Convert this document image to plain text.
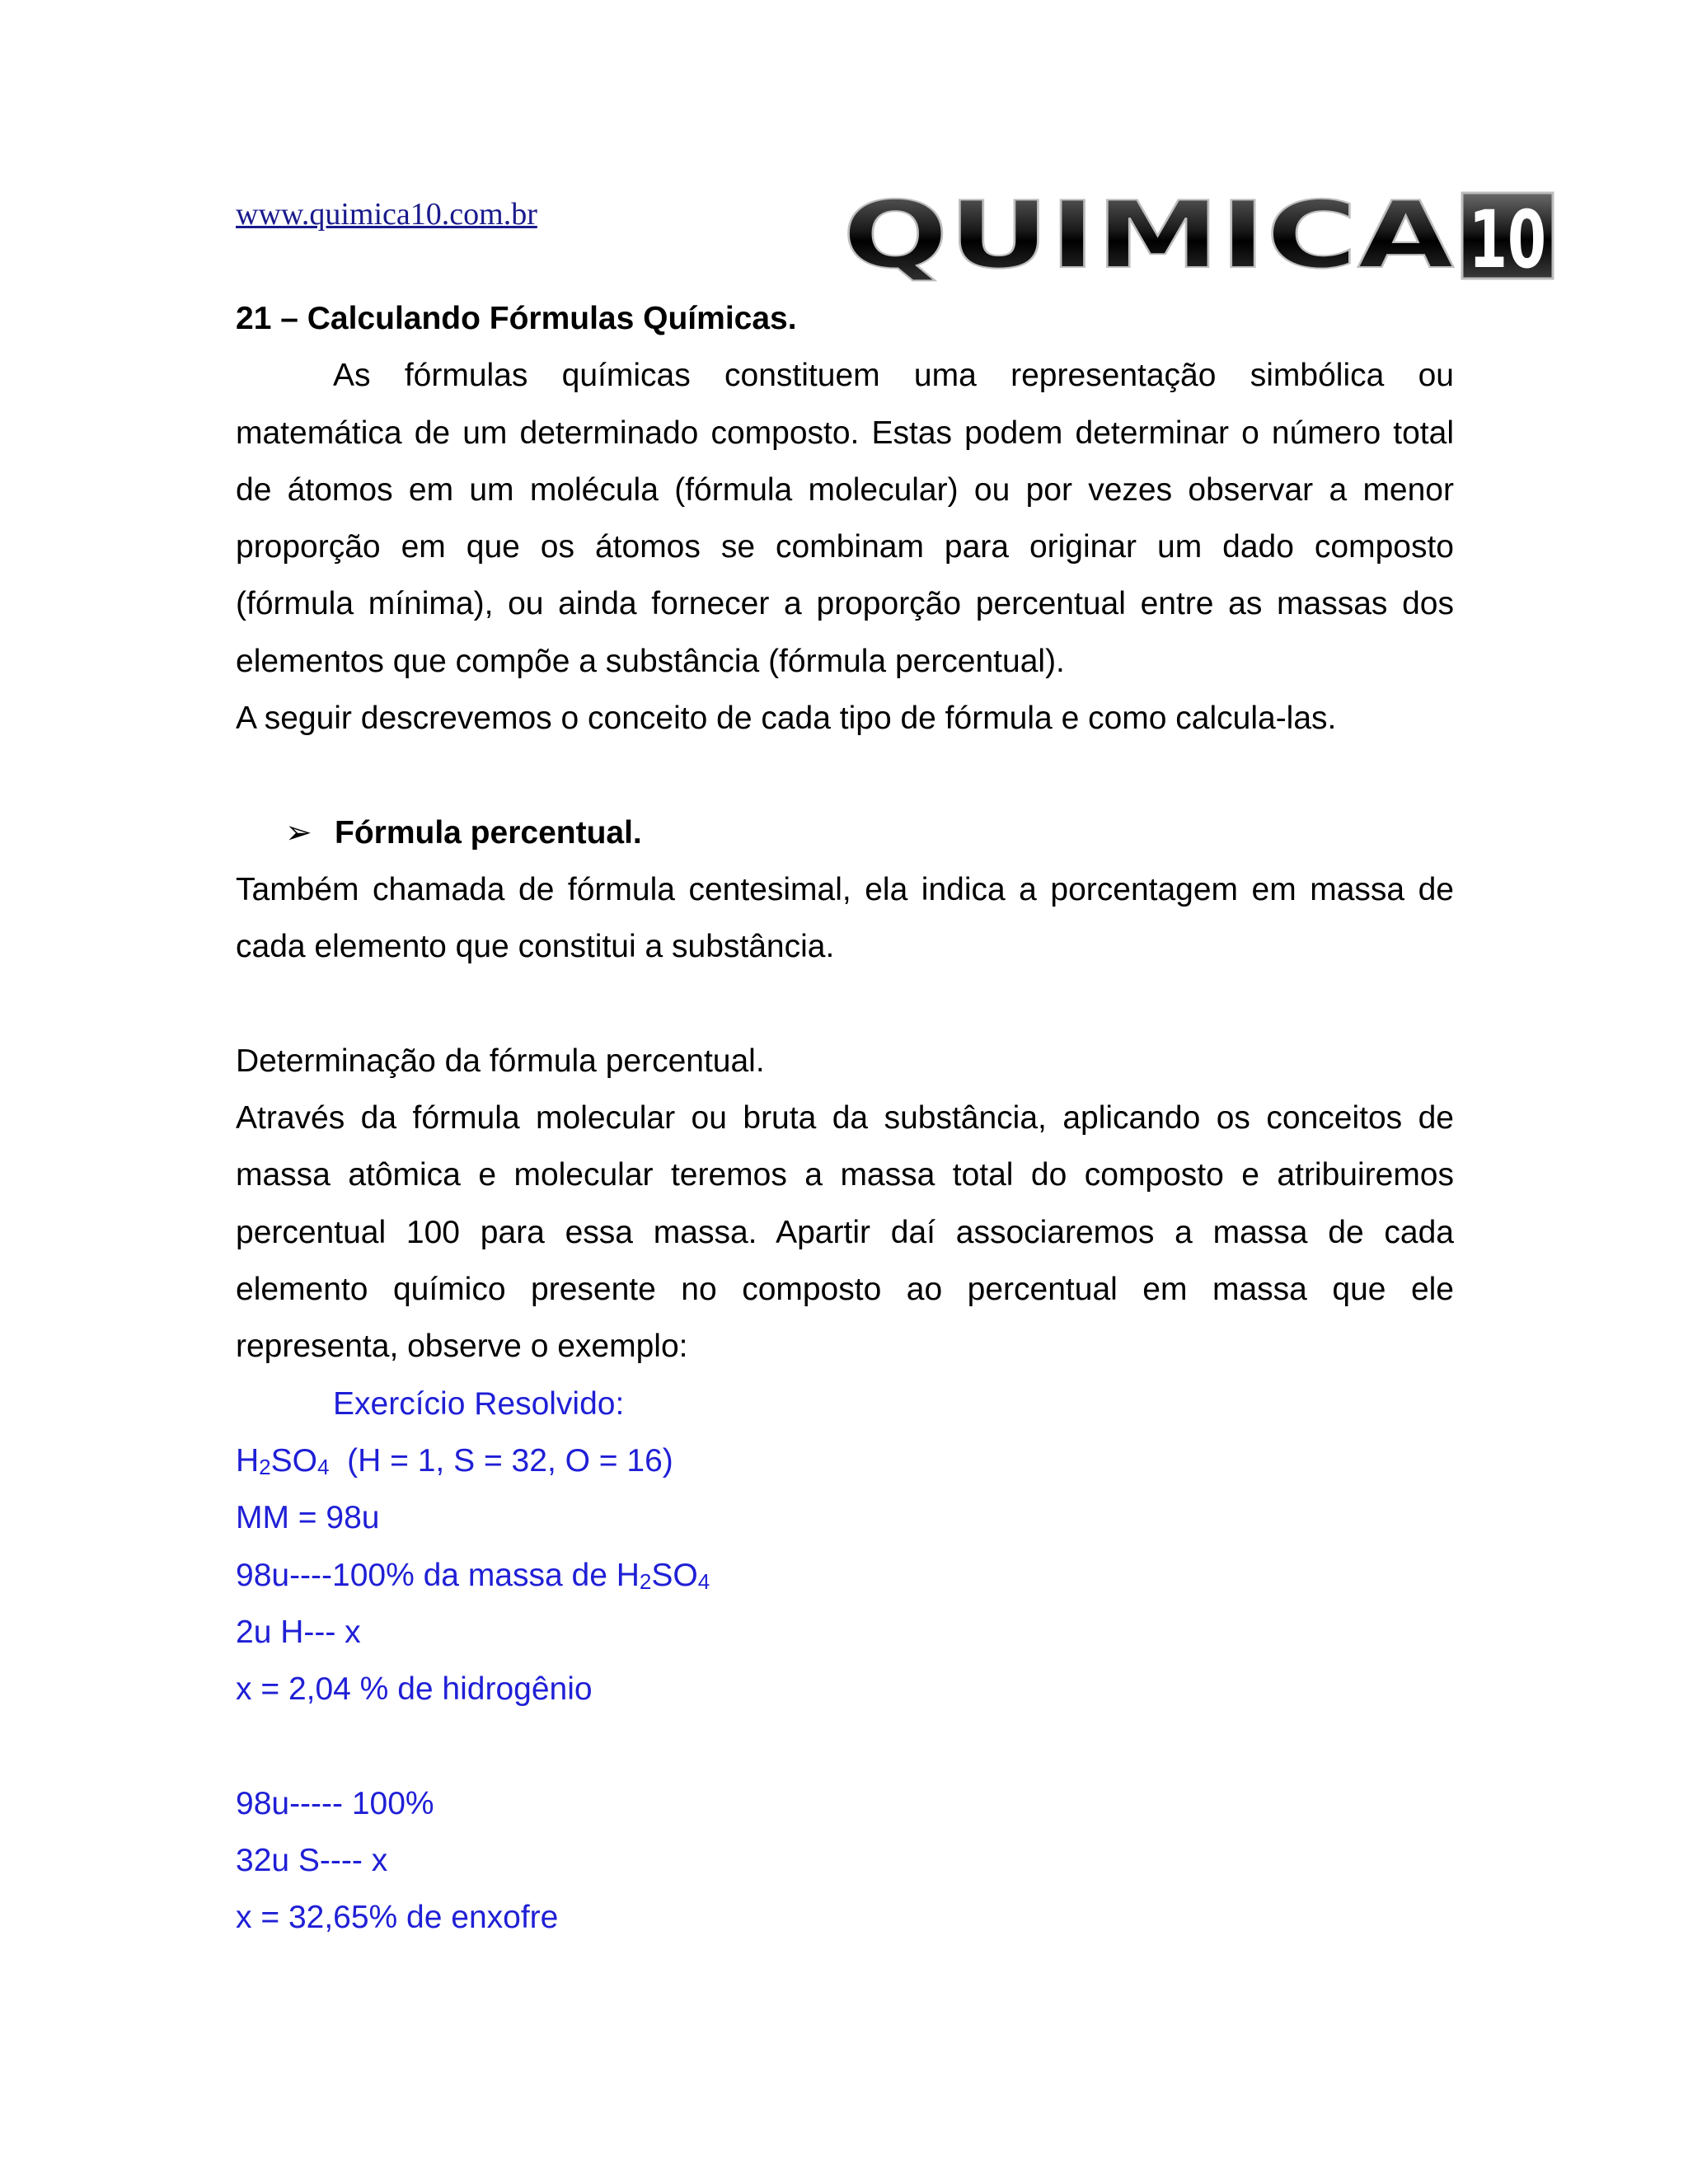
www.quimica10.com.br	QUIMICA 10
21 – Calculando Fórmulas Químicas.
As fórmulas químicas constituem uma representação simbólica ou
matemática de um determinado composto. Estas podem determinar o número total
de átomos em um molécula (fórmula molecular) ou por vezes observar a menor
proporção em que os átomos se combinam para originar um dado composto
(fórmula mínima), ou ainda fornecer a proporção percentual entre as massas dos
elementos que compõe a substância (fórmula percentual).
A seguir descrevemos o conceito de cada tipo de fórmula e como calcula-las.
➢ Fórmula percentual.
Também chamada de fórmula centesimal, ela indica a porcentagem em massa de
cada elemento que constitui a substância.
Determinação da fórmula percentual.
Através da fórmula molecular ou bruta da substância, aplicando os conceitos de
massa atômica e molecular teremos a massa total do composto e atribuiremos
percentual 100 para essa massa. Apartir daí associaremos a massa de cada
elemento químico presente no composto ao percentual em massa que ele
representa, observe o exemplo:
Exercício Resolvido:
$H_2SO_4$ (H = 1, S = 32, O = 16)
MM = 98u
98u----100% da massa de $H_2SO_4$
2u H--- x
x = 2,04 % de hidrogênio
98u----- 100%
32u S---- x
x = 32,65% de enxofre
